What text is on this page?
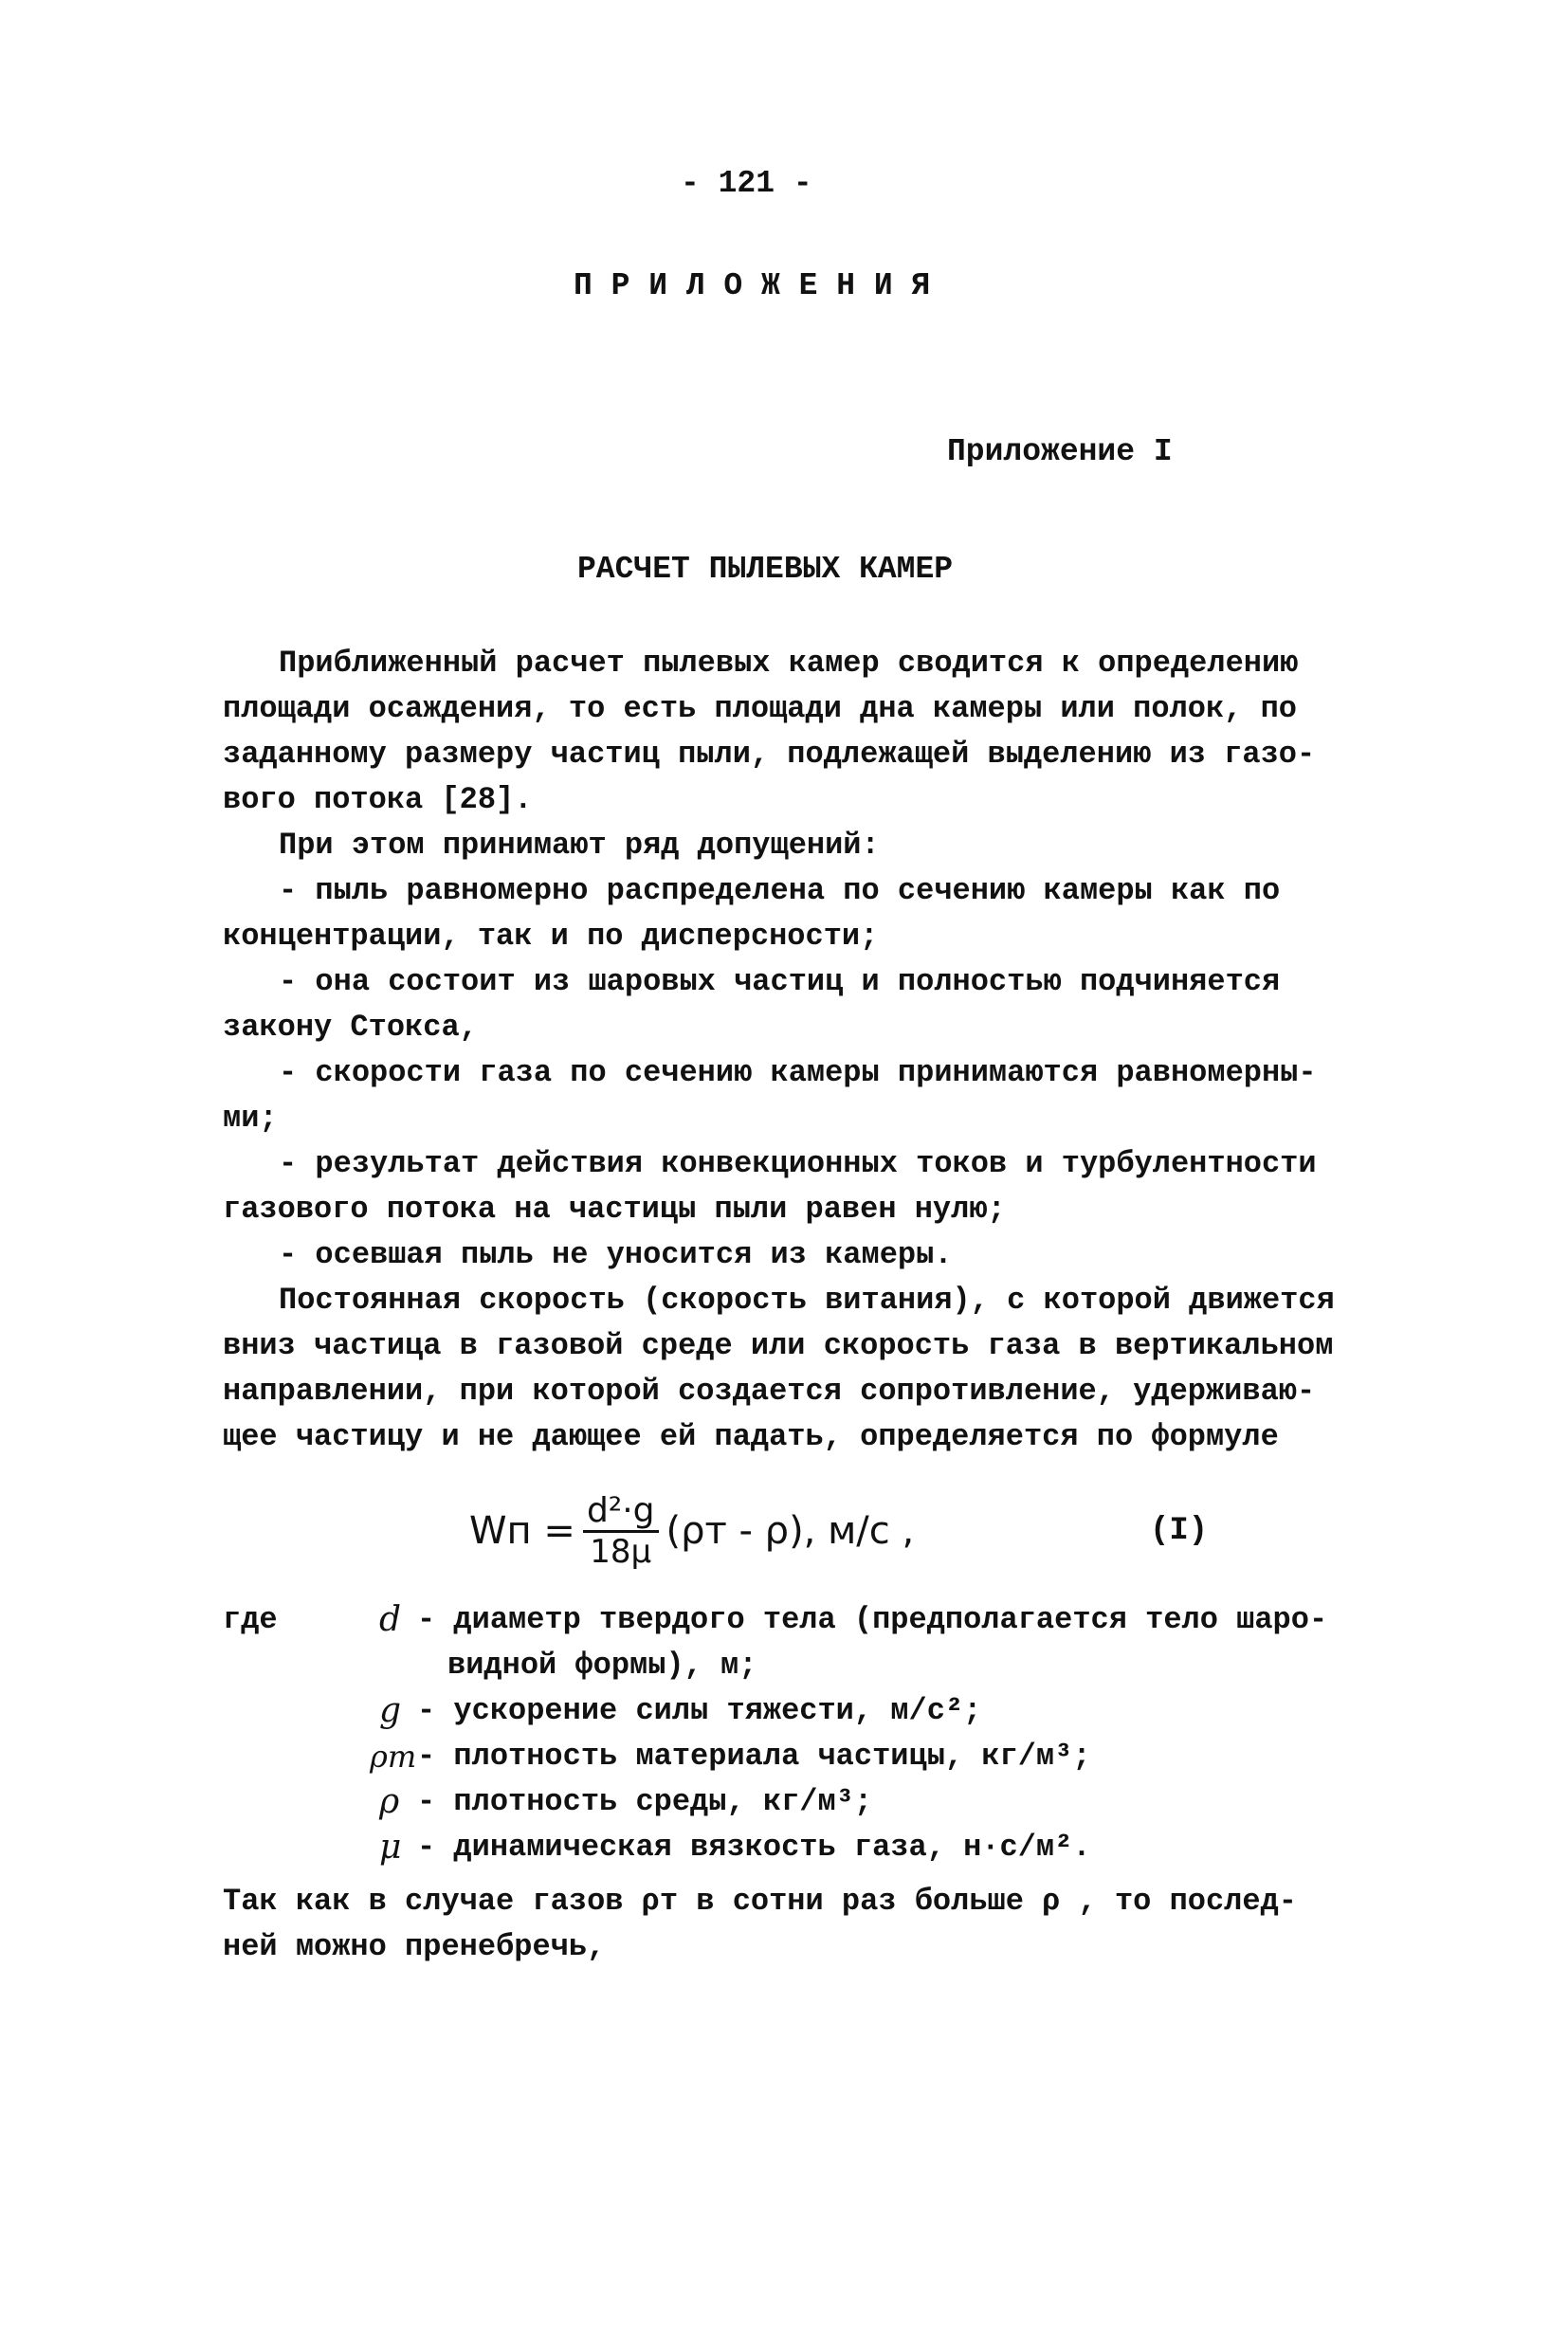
- 121 -
П Р И Л О Ж Е Н И Я
Приложение I
РАСЧЕТ ПЫЛЕВЫХ КАМЕР
Приближенный расчет пылевых камер сводится к определению
площади осаждения, то есть площади дна камеры или полок, по
заданному размеру частиц пыли, подлежащей выделению из газо-
вого потока [28].
При этом принимают ряд допущений:
- пыль равномерно распределена по сечению камеры как по
концентрации, так и по дисперсности;
- она состоит из шаровых частиц и полностью подчиняется
закону Стокса,
- скорости газа по сечению камеры принимаются равномерны-
ми;
- результат действия конвекционных токов и турбулентности
газового потока на частицы пыли равен нулю;
- осевшая пыль не уносится из камеры.
Постоянная скорость (скорость витания), с которой движется
вниз частица в газовой среде или скорость газа в вертикальном
направлении, при которой создается сопротивление, удерживаю-
щее частицу и не дающее ей падать, определяется по формуле
Wп = $\frac{\text{d²·g}}{18\mu} (\rho т - \rho)$, м/с ,	(I)
где	d - диаметр твердого тела (предполагается тело шаро-
видной формы), м;
g - ускорение силы тяжести, м/с²;
ρт - плотность материала частицы, кг/м³;
ρ - плотность среды, кг/м³;
μ - динамическая вязкость газа, н·с/м².
Так как в случае газов ρт в сотни раз больше ρ , то послед-
ней можно пренебречь,
